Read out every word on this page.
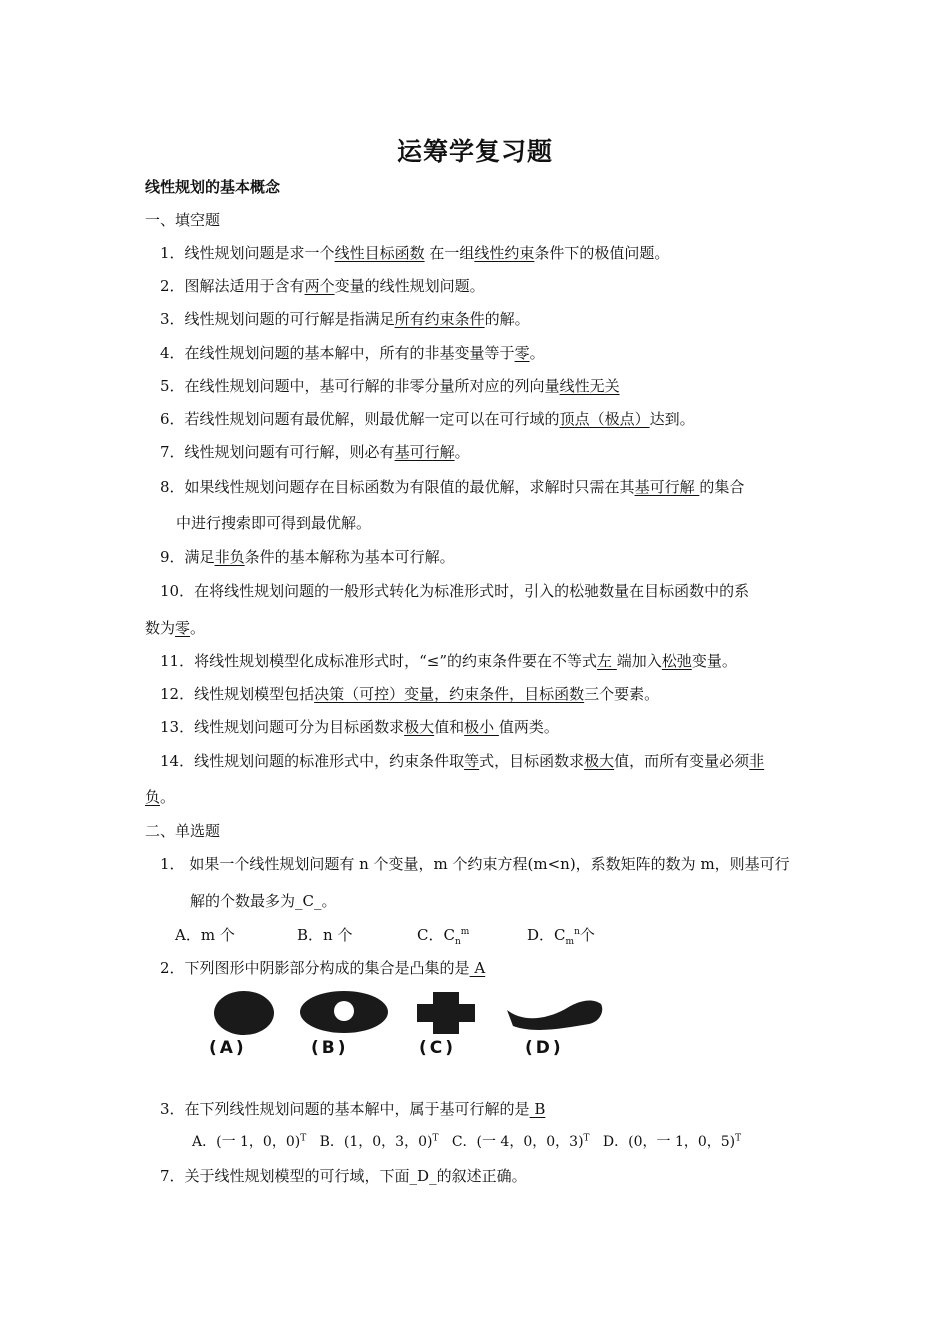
运筹学复习题
线性规划的基本概念
一、填空题
1．线性规划问题是求一个线性目标函数 在一组线性约束条件下的极值问题。
2．图解法适用于含有两个变量的线性规划问题。
3．线性规划问题的可行解是指满足所有约束条件的解。
4．在线性规划问题的基本解中，所有的非基变量等于零。
5．在线性规划问题中，基可行解的非零分量所对应的列向量线性无关
6．若线性规划问题有最优解，则最优解一定可以在可行域的顶点（极点）达到。
7．线性规划问题有可行解，则必有基可行解。
8．如果线性规划问题存在目标函数为有限值的最优解，求解时只需在其基可行解 的集合
中进行搜索即可得到最优解。
9．满足非负条件的基本解称为基本可行解。
10．在将线性规划问题的一般形式转化为标准形式时，引入的松驰数量在目标函数中的系
数为零。
11．将线性规划模型化成标准形式时，“≤”的约束条件要在不等式左 端加入松弛变量。
12．线性规划模型包括决策（可控）变量，约束条件，目标函数三个要素。
13．线性规划问题可分为目标函数求极大值和极小 值两类。
14．线性规划问题的标准形式中，约束条件取等式，目标函数求极大值，而所有变量必须非
负。
二、单选题
1． 如果一个线性规划问题有 n 个变量，m 个约束方程(m<n)，系数矩阵的数为 m，则基可行
解的个数最多为_C_。
A．m 个	B．n 个	C．$C_n^m$	D．$C_m^n$个
2．下列图形中阴影部分构成的集合是凸集的是 A
(A)	(B)	(C)	(D)
3．在下列线性规划问题的基本解中，属于基可行解的是 B
A．(一 1，0，0)$^T$ B．(1，0，3，0)$^T$ C．(一 4，0，0，3)$^T$ D．(0，一 1，0，5)$^T$
7．关于线性规划模型的可行域，下面_D_的叙述正确。
